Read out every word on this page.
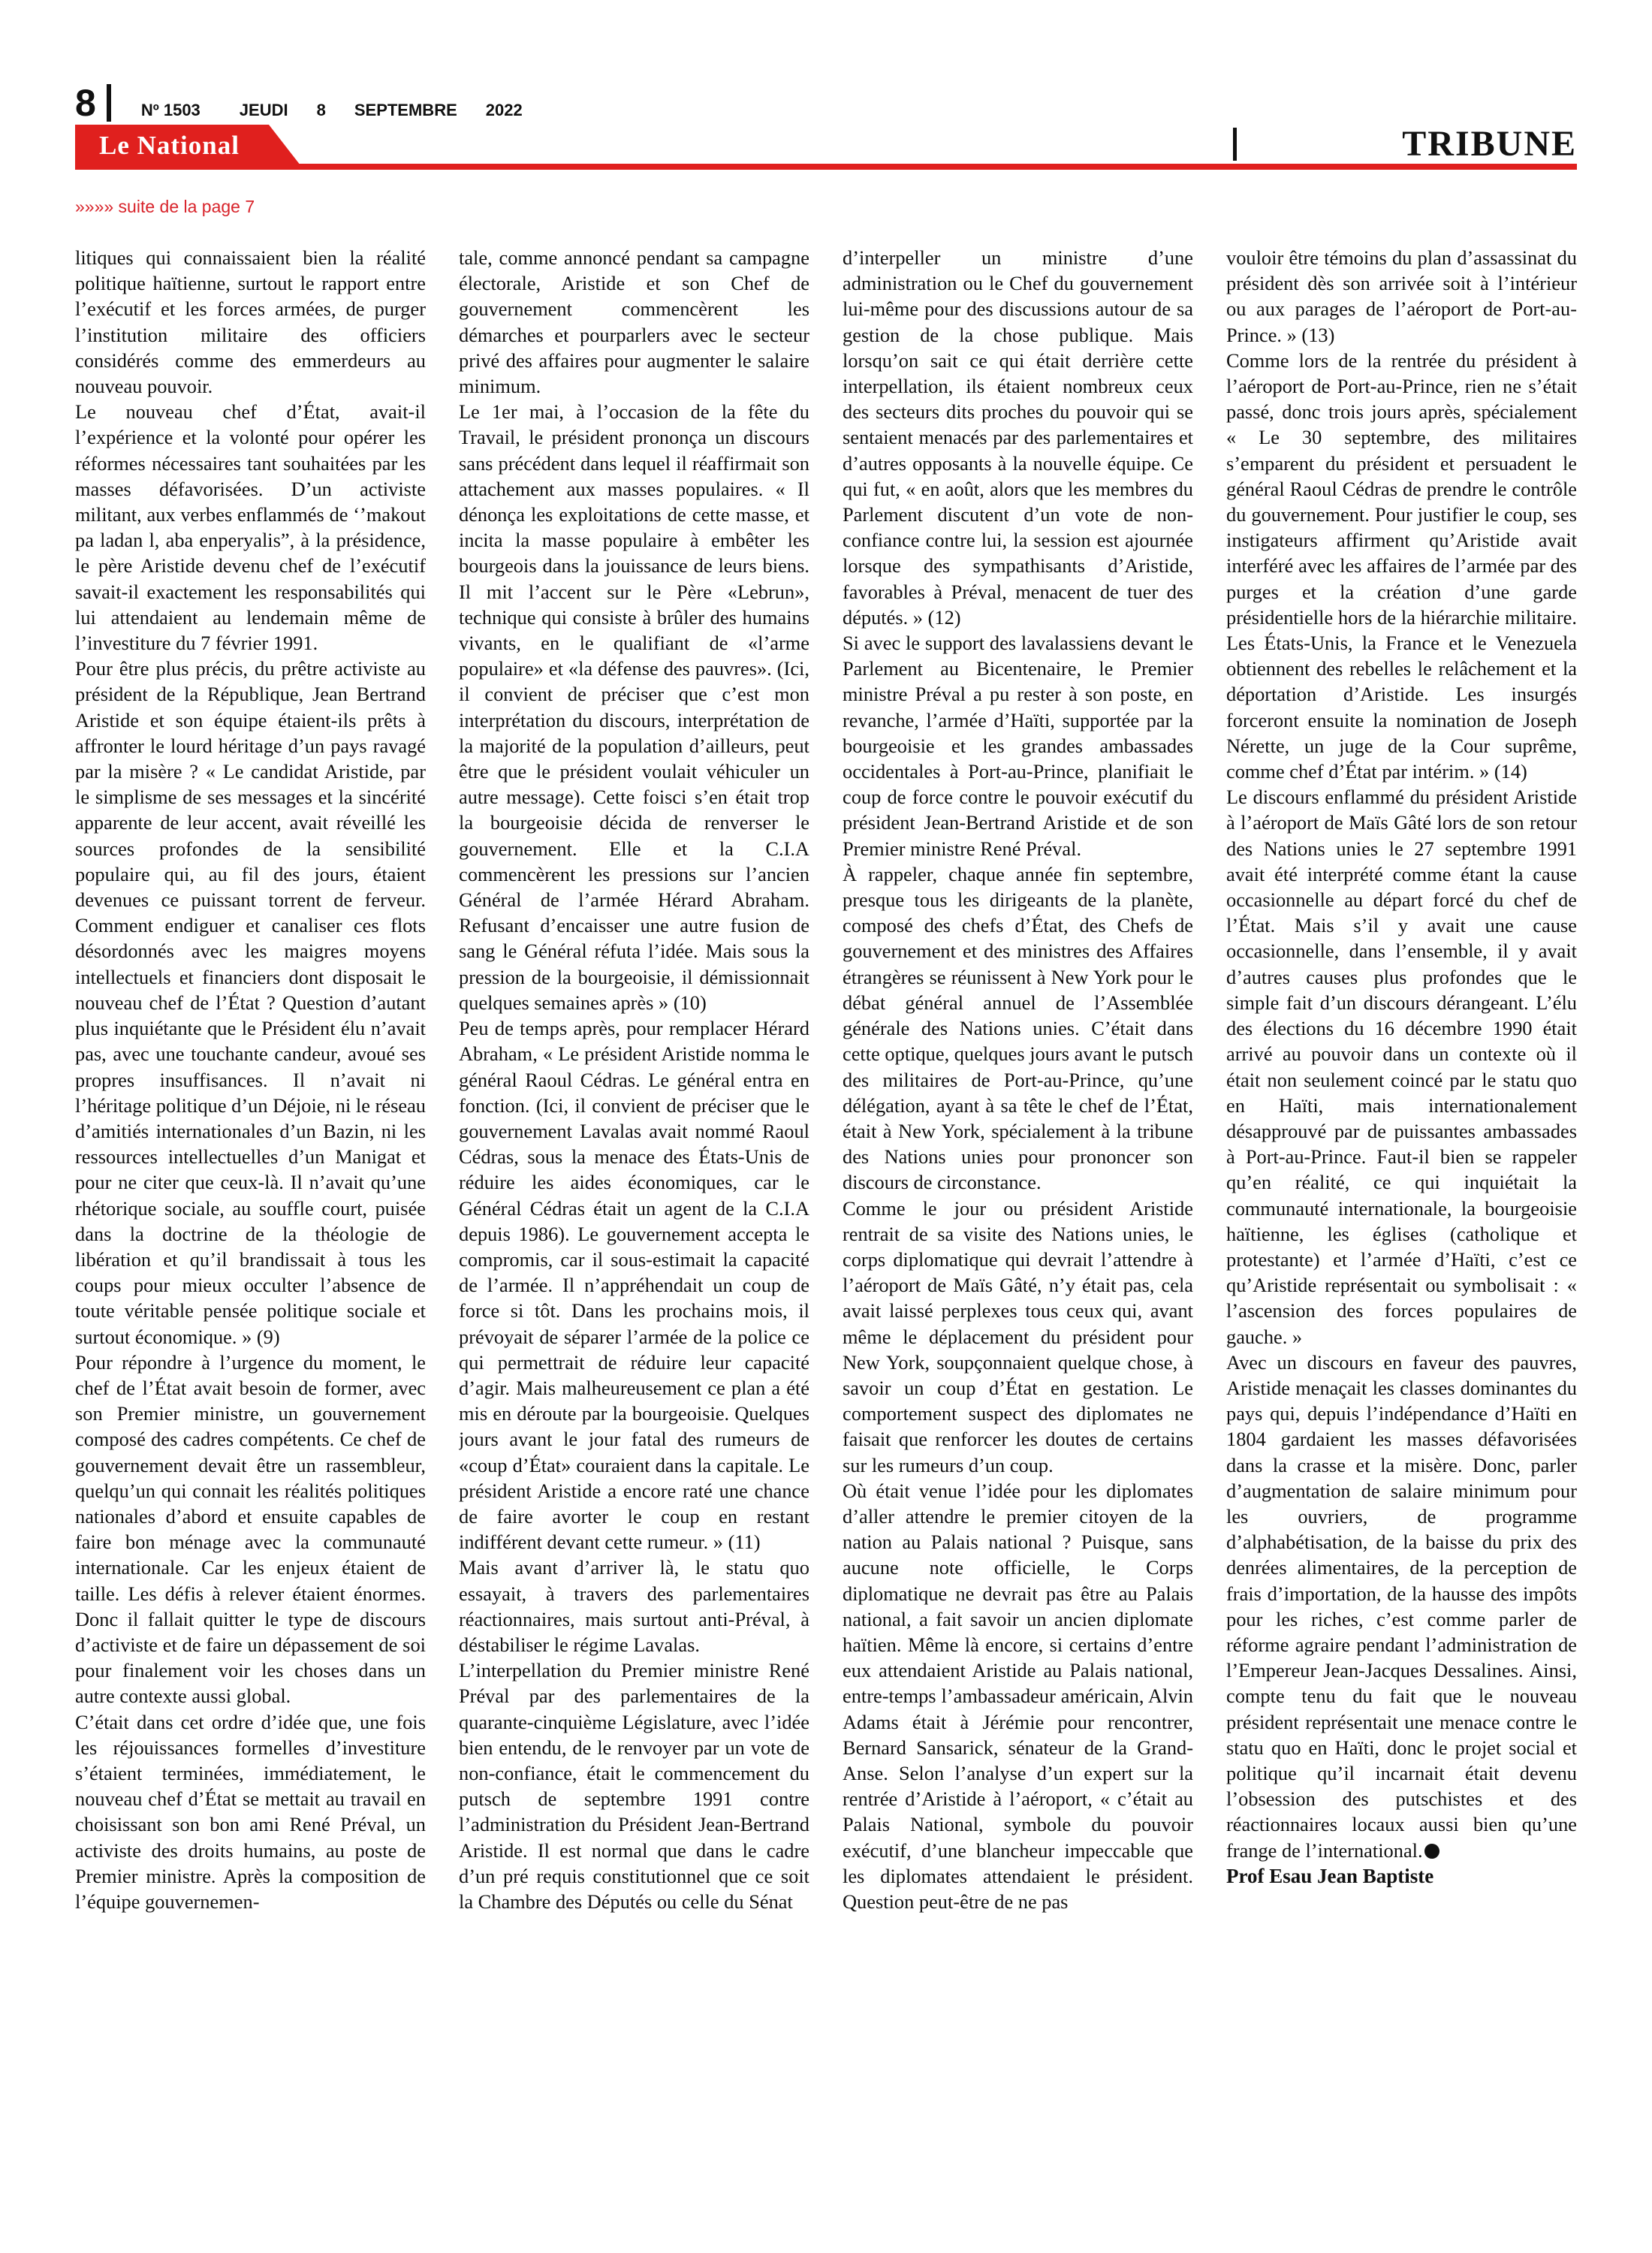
8	Nº 1503 JEUDI 8 SEPTEMBRE 2022
Le National	TRIBUNE
»»»» suite de la page 7

litiques qui connaissaient bien la réalité politique haïtienne, surtout le rapport entre l’exécutif et les forces armées, de purger l’institution militaire des officiers considérés comme des emmerdeurs au nouveau pouvoir.

Le nouveau chef d’État, avait-il l’expérience et la volonté pour opérer les réformes nécessaires tant souhaitées par les masses défavorisées. D’un activiste militant, aux verbes enflammés de ‘’makout pa ladan l, aba enperyalis”, à la présidence, le père Aristide devenu chef de l’exécutif savait-il exactement les responsabilités qui lui attendaient au lendemain même de l’investiture du 7 février 1991.

Pour être plus précis, du prêtre activiste au président de la République, Jean Bertrand Aristide et son équipe étaient-ils prêts à affronter le lourd héritage d’un pays ravagé par la misère ? « Le candidat Aristide, par le simplisme de ses messages et la sincérité apparente de leur accent, avait réveillé les sources profondes de la sensibilité populaire qui, au fil des jours, étaient devenues ce puissant torrent de ferveur. Comment endiguer et canaliser ces flots désordonnés avec les maigres moyens intellectuels et financiers dont disposait le nouveau chef de l’État ? Question d’autant plus inquiétante que le Président élu n’avait pas, avec une touchante candeur, avoué ses propres insuffisances. Il n’avait ni l’héritage politique d’un Déjoie, ni le réseau d’amitiés internationales d’un Bazin, ni les ressources intellectuelles d’un Manigat et pour ne citer que ceux-là. Il n’avait qu’une rhétorique sociale, au souffle court, puisée dans la doctrine de la théologie de libération et qu’il brandissait à tous les coups pour mieux occulter l’absence de toute véritable pensée politique sociale et surtout économique. » (9)

Pour répondre à l’urgence du moment, le chef de l’État avait besoin de former, avec son Premier ministre, un gouvernement composé des cadres compétents. Ce chef de gouvernement devait être un rassembleur, quelqu’un qui connait les réalités politiques nationales d’abord et ensuite capables de faire bon ménage avec la communauté internationale. Car les enjeux étaient de taille. Les défis à relever étaient énormes. Donc il fallait quitter le type de discours d’activiste et de faire un dépassement de soi pour finalement voir les choses dans un autre contexte aussi global.

C’était dans cet ordre d’idée que, une fois les réjouissances formelles d’investiture s’étaient terminées, immédiatement, le nouveau chef d’État se mettait au travail en choisissant son bon ami René Préval, un activiste des droits humains, au poste de Premier ministre. Après la composition de l’équipe gouvernemen-

tale, comme annoncé pendant sa campagne électorale, Aristide et son Chef de gouvernement commencèrent les démarches et pourparlers avec le secteur privé des affaires pour augmenter le salaire minimum.

Le 1er mai, à l’occasion de la fête du Travail, le président prononça un discours sans précédent dans lequel il réaffirmait son attachement aux masses populaires. « Il dénonça les exploitations de cette masse, et incita la masse populaire à embêter les bourgeois dans la jouissance de leurs biens. Il mit l’accent sur le Père «Lebrun», technique qui consiste à brûler des humains vivants, en le qualifiant de «l’arme populaire» et «la défense des pauvres». (Ici, il convient de préciser que c’est mon interprétation du discours, interprétation de la majorité de la population d’ailleurs, peut être que le président voulait véhiculer un autre message). Cette foisci s’en était trop la bourgeoisie décida de renverser le gouvernement. Elle et la C.I.A commencèrent les pressions sur l’ancien Général de l’armée Hérard Abraham. Refusant d’encaisser une autre fusion de sang le Général réfuta l’idée. Mais sous la pression de la bourgeoisie, il démissionnait quelques semaines après » (10)

Peu de temps après, pour remplacer Hérard Abraham, « Le président Aristide nomma le général Raoul Cédras. Le général entra en fonction. (Ici, il convient de préciser que le gouvernement Lavalas avait nommé Raoul Cédras, sous la menace des États-Unis de réduire les aides économiques, car le Général Cédras était un agent de la C.I.A depuis 1986). Le gouvernement accepta le compromis, car il sous-estimait la capacité de l’armée. Il n’appréhendait un coup de force si tôt. Dans les prochains mois, il prévoyait de séparer l’armée de la police ce qui permettrait de réduire leur capacité d’agir. Mais malheureusement ce plan a été mis en déroute par la bourgeoisie. Quelques jours avant le jour fatal des rumeurs de «coup d’État» couraient dans la capitale. Le président Aristide a encore raté une chance de faire avorter le coup en restant indifférent devant cette rumeur. » (11)

Mais avant d’arriver là, le statu quo essayait, à travers des parlementaires réactionnaires, mais surtout anti-Préval, à déstabiliser le régime Lavalas.

L’interpellation du Premier ministre René Préval par des parlementaires de la quarante-cinquième Législature, avec l’idée bien entendu, de le renvoyer par un vote de non-confiance, était le commencement du putsch de septembre 1991 contre l’administration du Président Jean-Bertrand Aristide. Il est normal que dans le cadre d’un pré requis constitutionnel que ce soit la Chambre des Députés ou celle du Sénat

d’interpeller un ministre d’une administration ou le Chef du gouvernement lui-même pour des discussions autour de sa gestion de la chose publique. Mais lorsqu’on sait ce qui était derrière cette interpellation, ils étaient nombreux ceux des secteurs dits proches du pouvoir qui se sentaient menacés par des parlementaires et d’autres opposants à la nouvelle équipe. Ce qui fut, « en août, alors que les membres du Parlement discutent d’un vote de non-confiance contre lui, la session est ajournée lorsque des sympathisants d’Aristide, favorables à Préval, menacent de tuer des députés. » (12)

Si avec le support des lavalassiens devant le Parlement au Bicentenaire, le Premier ministre Préval a pu rester à son poste, en revanche, l’armée d’Haïti, supportée par la bourgeoisie et les grandes ambassades occidentales à Port-au-Prince, planifiait le coup de force contre le pouvoir exécutif du président Jean-Bertrand Aristide et de son Premier ministre René Préval.

À rappeler, chaque année fin septembre, presque tous les dirigeants de la planète, composé des chefs d’État, des Chefs de gouvernement et des ministres des Affaires étrangères se réunissent à New York pour le débat général annuel de l’Assemblée générale des Nations unies. C’était dans cette optique, quelques jours avant le putsch des militaires de Port-au-Prince, qu’une délégation, ayant à sa tête le chef de l’État, était à New York, spécialement à la tribune des Nations unies pour prononcer son discours de circonstance.

Comme le jour ou président Aristide rentrait de sa visite des Nations unies, le corps diplomatique qui devrait l’attendre à l’aéroport de Maïs Gâté, n’y était pas, cela avait laissé perplexes tous ceux qui, avant même le déplacement du président pour New York, soupçonnaient quelque chose, à savoir un coup d’État en gestation. Le comportement suspect des diplomates ne faisait que renforcer les doutes de certains sur les rumeurs d’un coup.

Où était venue l’idée pour les diplomates d’aller attendre le premier citoyen de la nation au Palais national ? Puisque, sans aucune note officielle, le Corps diplomatique ne devrait pas être au Palais national, a fait savoir un ancien diplomate haïtien. Même là encore, si certains d’entre eux attendaient Aristide au Palais national, entre-temps l’ambassadeur américain, Alvin Adams était à Jérémie pour rencontrer, Bernard Sansarick, sénateur de la Grand-Anse. Selon l’analyse d’un expert sur la rentrée d’Aristide à l’aéroport, « c’était au Palais National, symbole du pouvoir exécutif, d’une blancheur impeccable que les diplomates attendaient le président. Question peut-être de ne pas

vouloir être témoins du plan d’assassinat du président dès son arrivée soit à l’intérieur ou aux parages de l’aéroport de Port-au-Prince. » (13)

Comme lors de la rentrée du président à l’aéroport de Port-au-Prince, rien ne s’était passé, donc trois jours après, spécialement « Le 30 septembre, des militaires s’emparent du président et persuadent le général Raoul Cédras de prendre le contrôle du gouvernement. Pour justifier le coup, ses instigateurs affirment qu’Aristide avait interféré avec les affaires de l’armée par des purges et la création d’une garde présidentielle hors de la hiérarchie militaire. Les États-Unis, la France et le Venezuela obtiennent des rebelles le relâchement et la déportation d’Aristide. Les insurgés forceront ensuite la nomination de Joseph Nérette, un juge de la Cour suprême, comme chef d’État par intérim. » (14)

Le discours enflammé du président Aristide à l’aéroport de Maïs Gâté lors de son retour des Nations unies le 27 septembre 1991 avait été interprété comme étant la cause occasionnelle au départ forcé du chef de l’État. Mais s’il y avait une cause occasionnelle, dans l’ensemble, il y avait d’autres causes plus profondes que le simple fait d’un discours dérangeant. L’élu des élections du 16 décembre 1990 était arrivé au pouvoir dans un contexte où il était non seulement coincé par le statu quo en Haïti, mais internationalement désapprouvé par de puissantes ambassades à Port-au-Prince. Faut-il bien se rappeler qu’en réalité, ce qui inquiétait la communauté internationale, la bourgeoisie haïtienne, les églises (catholique et protestante) et l’armée d’Haïti, c’est ce qu’Aristide représentait ou symbolisait : « l’ascension des forces populaires de gauche. »

Avec un discours en faveur des pauvres, Aristide menaçait les classes dominantes du pays qui, depuis l’indépendance d’Haïti en 1804 gardaient les masses défavorisées dans la crasse et la misère. Donc, parler d’augmentation de salaire minimum pour les ouvriers, de programme d’alphabétisation, de la baisse du prix des denrées alimentaires, de la perception de frais d’importation, de la hausse des impôts pour les riches, c’est comme parler de réforme agraire pendant l’administration de l’Empereur Jean-Jacques Dessalines. Ainsi, compte tenu du fait que le nouveau président représentait une menace contre le statu quo en Haïti, donc le projet social et politique qu’il incarnait était devenu l’obsession des putschistes et des réactionnaires locaux aussi bien qu’une frange de l’international.

Prof Esau Jean Baptiste
